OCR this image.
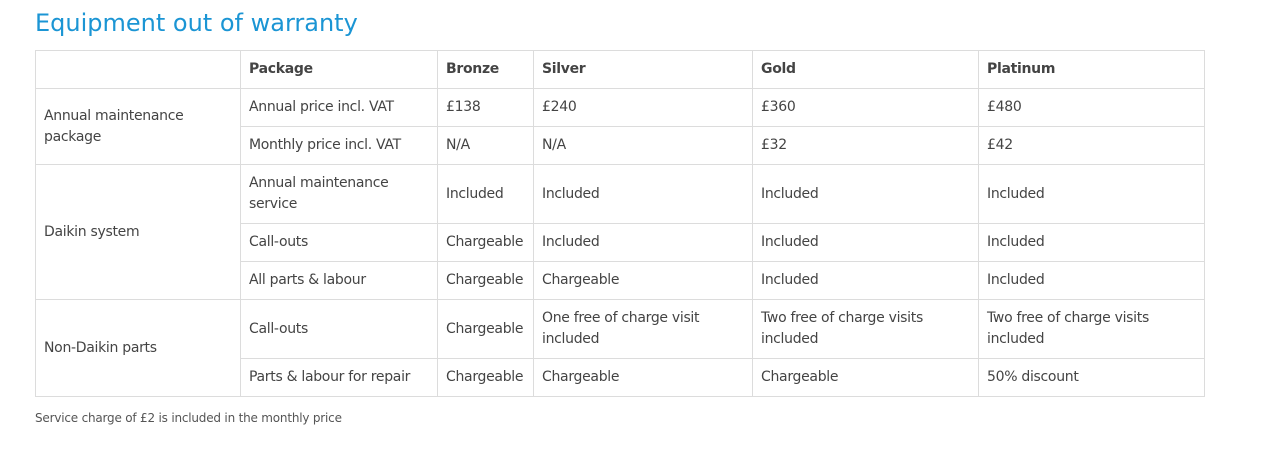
Equipment out of warranty
	Package	Bronze	Silver	Gold	Platinum
Annual maintenance package	Annual price incl. VAT	£138	£240	£360	£480
	Monthly price incl. VAT	N/A	N/A	£32	£42
Daikin system	Annual maintenance service	Included	Included	Included	Included
	Call-outs	Chargeable	Included	Included	Included
	All parts & labour	Chargeable	Chargeable	Included	Included
Non-Daikin parts	Call-outs	Chargeable	One free of charge visit included	Two free of charge visits included	Two free of charge visits included
	Parts & labour for repair	Chargeable	Chargeable	Chargeable	50% discount

Service charge of £2 is included in the monthly price
